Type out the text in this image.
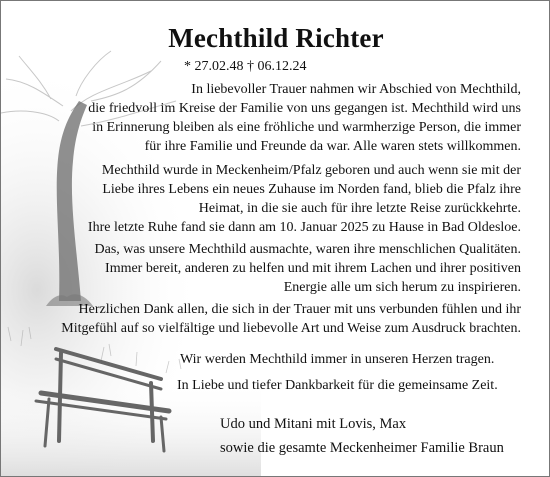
Mechthild Richter
* 27.02.48 † 06.12.24
In liebevoller Trauer nahmen wir Abschied von Mechthild,
die friedvoll im Kreise der Familie von uns gegangen ist. Mechthild wird uns
in Erinnerung bleiben als eine fröhliche und warmherzige Person, die immer
für ihre Familie und Freunde da war. Alle waren stets willkommen.
Mechthild wurde in Meckenheim/Pfalz geboren und auch wenn sie mit der
Liebe ihres Lebens ein neues Zuhause im Norden fand, blieb die Pfalz ihre
Heimat, in die sie auch für ihre letzte Reise zurückkehrte.
Ihre letzte Ruhe fand sie dann am 10. Januar 2025 zu Hause in Bad Oldesloe.
Das, was unsere Mechthild ausmachte, waren ihre menschlichen Qualitäten.
Immer bereit, anderen zu helfen und mit ihrem Lachen und ihrer positiven
Energie alle um sich herum zu inspirieren.
Herzlichen Dank allen, die sich in der Trauer mit uns verbunden fühlen und ihr
Mitgefühl auf so vielfältige und liebevolle Art und Weise zum Ausdruck brachten.
Wir werden Mechthild immer in unseren Herzen tragen.
In Liebe und tiefer Dankbarkeit für die gemeinsame Zeit.
Udo und Mitani mit Lovis, Max
sowie die gesamte Meckenheimer Familie Braun
